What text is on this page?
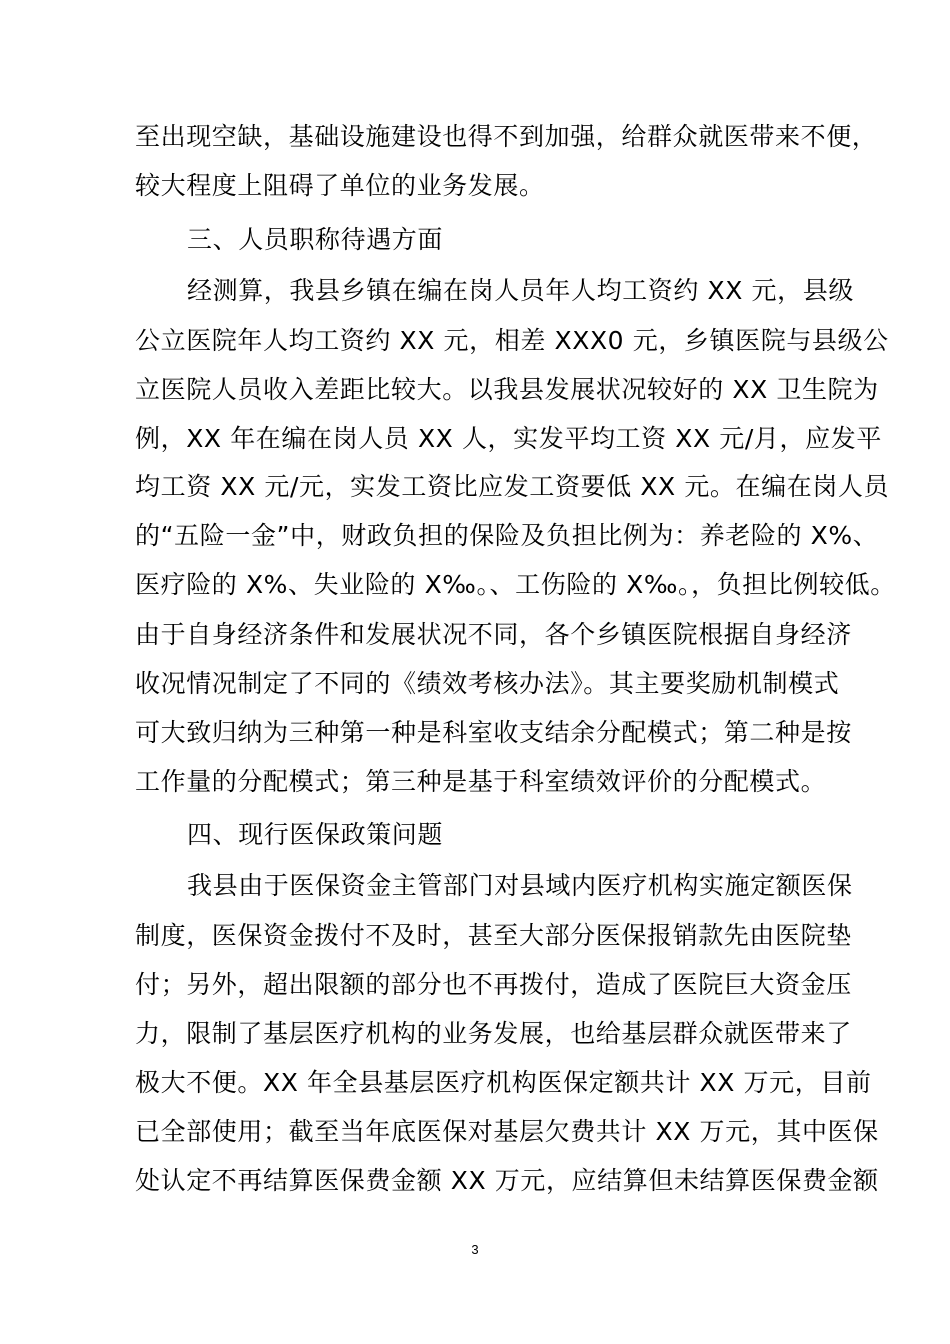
至出现空缺，基础设施建设也得不到加强，给群众就医带来不便，
较大程度上阻碍了单位的业务发展。
三、人员职称待遇方面
经测算，我县乡镇在编在岗人员年人均工资约 XX 元，县级
公立医院年人均工资约 XX 元，相差 XXX0 元，乡镇医院与县级公
立医院人员收入差距比较大。以我县发展状况较好的 XX 卫生院为
例，XX 年在编在岗人员 XX 人，实发平均工资 XX 元/月，应发平
均工资 XX 元/元，实发工资比应发工资要低 XX 元。在编在岗人员
的“五险一金”中，财政负担的保险及负担比例为：养老险的 X%、
医疗险的 X%、失业险的 X‰。、工伤险的 X‰。，负担比例较低。
由于自身经济条件和发展状况不同，各个乡镇医院根据自身经济
收况情况制定了不同的《绩效考核办法》。其主要奖励机制模式
可大致归纳为三种第一种是科室收支结余分配模式；第二种是按
工作量的分配模式；第三种是基于科室绩效评价的分配模式。
四、现行医保政策问题
我县由于医保资金主管部门对县域内医疗机构实施定额医保
制度，医保资金拨付不及时，甚至大部分医保报销款先由医院垫
付；另外，超出限额的部分也不再拨付，造成了医院巨大资金压
力，限制了基层医疗机构的业务发展，也给基层群众就医带来了
极大不便。XX 年全县基层医疗机构医保定额共计 XX 万元，目前
已全部使用；截至当年底医保对基层欠费共计 XX 万元，其中医保
处认定不再结算医保费金额 XX 万元，应结算但未结算医保费金额
3
